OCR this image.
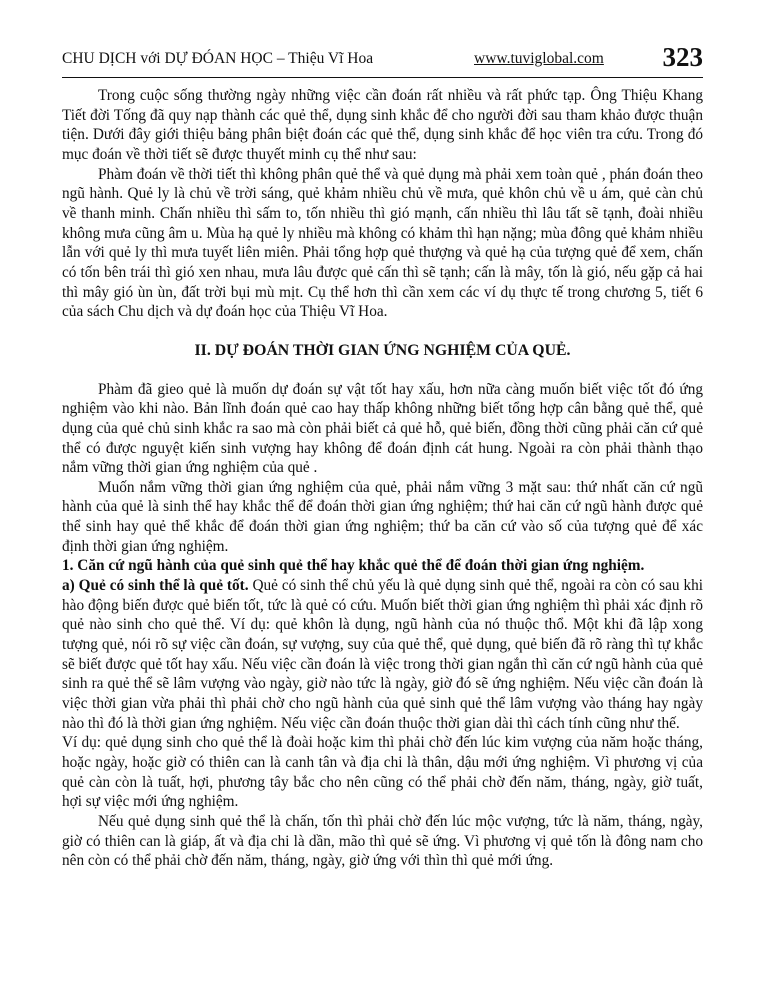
CHU DỊCH với DỰ ĐÓAN HỌC – Thiệu Vĩ Hoa	www.tuviglobal.com 323

Trong cuộc sống thường ngày những việc cần đoán rất nhiều và rất phức tạp. Ông Thiệu Khang Tiết đời Tống đã quy nạp thành các quẻ thể, dụng sinh khắc để cho người đời sau tham khảo được thuận tiện. Dưới đây giới thiệu bảng phân biệt đoán các quẻ thể, dụng sinh khắc để học viên tra cứu. Trong đó mục đoán về thời tiết sẽ được thuyết minh cụ thể như sau:

Phàm đoán về thời tiết thì không phân quẻ thể và quẻ dụng mà phải xem toàn quẻ , phán đoán theo ngũ hành. Quẻ ly là chủ về trời sáng, quẻ khảm nhiều chủ về mưa, quẻ khôn chủ về u ám, quẻ càn chủ về thanh minh. Chấn nhiều thì sấm to, tốn nhiều thì gió mạnh, cấn nhiều thì lâu tất sẽ tạnh, đoài nhiều không mưa cũng âm u. Mùa hạ quẻ ly nhiều mà không có khảm thì hạn nặng; mùa đông quẻ khảm nhiều lẫn với quẻ ly thì mưa tuyết liên miên. Phải tổng hợp quẻ thượng và quẻ hạ của tượng quẻ để xem, chấn có tốn bên trái thì gió xen nhau, mưa lâu được quẻ cấn thì sẽ tạnh; cấn là mây, tốn là gió, nếu gặp cả hai thì mây gió ùn ùn, đất trời bụi mù mịt. Cụ thể hơn thì cần xem các ví dụ thực tế trong chương 5, tiết 6 của sách Chu dịch và dự đoán học của Thiệu Vĩ Hoa.

II. DỰ ĐOÁN THỜI GIAN ỨNG NGHIỆM CỦA QUẺ.

Phàm đã gieo quẻ là muốn dự đoán sự vật tốt hay xấu, hơn nữa càng muốn biết việc tốt đó ứng nghiệm vào khi nào. Bản lĩnh đoán quẻ cao hay thấp không những biết tổng hợp cân bằng quẻ thể, quẻ dụng của quẻ chủ sinh khắc ra sao mà còn phải biết cả quẻ hỗ, quẻ biến, đồng thời cũng phải căn cứ quẻ thể có được nguyệt kiến sinh vượng hay không để đoán định cát hung. Ngoài ra còn phải thành thạo nắm vững thời gian ứng nghiệm của quẻ .

Muốn nắm vững thời gian ứng nghiệm của quẻ, phải nắm vững 3 mặt sau: thứ nhất căn cứ ngũ hành của quẻ là sinh thể hay khắc thể để đoán thời gian ứng nghiệm; thứ hai căn cứ ngũ hành được quẻ thể sinh hay quẻ thể khắc để đoán thời gian ứng nghiệm; thứ ba căn cứ vào số của tượng quẻ để xác định thời gian ứng nghiệm.

1. Căn cứ ngũ hành của quẻ sinh quẻ thể hay khắc quẻ thể để đoán thời gian ứng nghiệm.

a) Quẻ có sinh thể là quẻ tốt. Quẻ có sinh thể chủ yếu là quẻ dụng sinh quẻ thể, ngoài ra còn có sau khi hào động biến được quẻ biến tốt, tức là quẻ có cứu. Muốn biết thời gian ứng nghiệm thì phải xác định rõ quẻ nào sinh cho quẻ thể. Ví dụ: quẻ khôn là dụng, ngũ hành của nó thuộc thổ. Một khi đã lập xong tượng quẻ, nói rõ sự việc cần đoán, sự vượng, suy của quẻ thể, quẻ dụng, quẻ biến đã rõ ràng thì tự khắc sẽ biết được quẻ tốt hay xấu. Nếu việc cần đoán là việc trong thời gian ngắn thì căn cứ ngũ hành của quẻ sinh ra quẻ thể sẽ lâm vượng vào ngày, giờ nào tức là ngày, giờ đó sẽ ứng nghiệm. Nếu việc cần đoán là việc thời gian vừa phải thì phải chờ cho ngũ hành của quẻ sinh quẻ thể lâm vượng vào tháng hay ngày nào thì đó là thời gian ứng nghiệm. Nếu việc cần đoán thuộc thời gian dài thì cách tính cũng như thế.

Ví dụ: quẻ dụng sinh cho quẻ thể là đoài hoặc kim thì phải chờ đến lúc kim vượng của năm hoặc tháng, hoặc ngày, hoặc giờ có thiên can là canh tân và địa chi là thân, dậu mới ứng nghiệm. Vì phương vị của quẻ càn còn là tuất, hợi, phương tây bắc cho nên cũng có thể phải chờ đến năm, tháng, ngày, giờ tuất, hợi sự việc mới ứng nghiệm.

Nếu quẻ dụng sinh quẻ thể là chấn, tốn thì phải chờ đến lúc mộc vượng, tức là năm, tháng, ngày, giờ có thiên can là giáp, ất và địa chi là dần, mão thì quẻ sẽ ứng. Vì phương vị quẻ tốn là đông nam cho nên còn có thể phải chờ đến năm, tháng, ngày, giờ ứng với thìn thì quẻ mới ứng.
